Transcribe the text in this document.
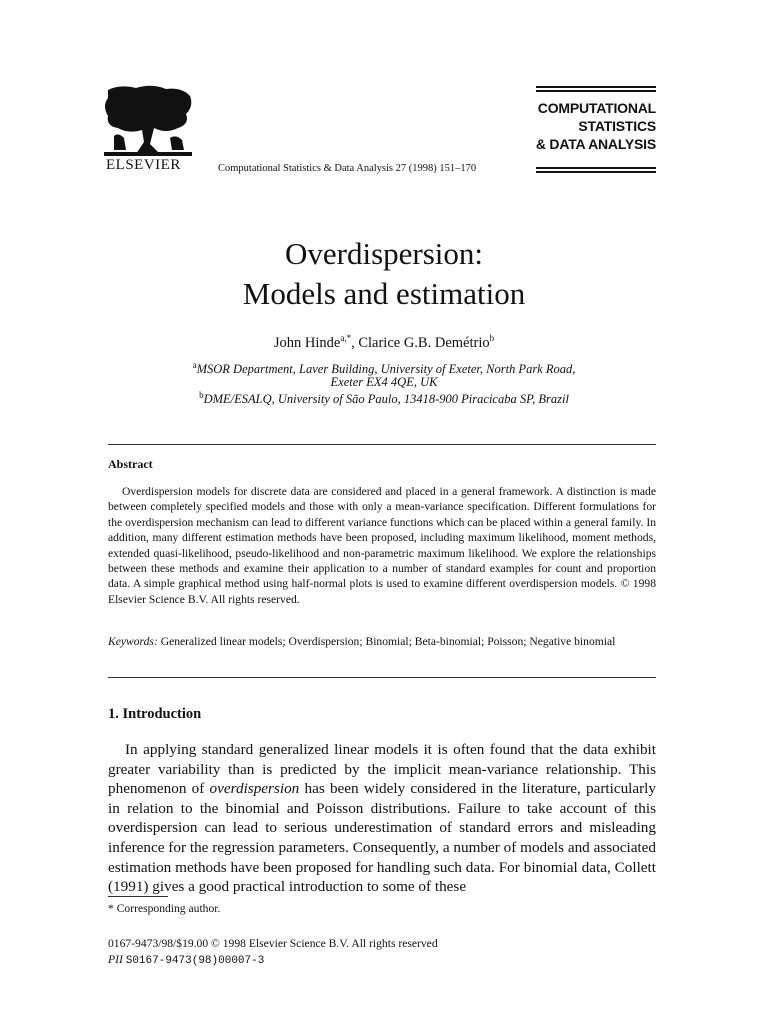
ELSEVIER	Computational Statistics & Data Analysis 27 (1998) 151–170
COMPUTATIONAL
STATISTICS
& DATA ANALYSIS
Overdispersion:
Models and estimation
John Hinde$^{a,*}$, Clarice G.B. Demétrio$^b$
$^a$MSOR Department, Laver Building, University of Exeter, North Park Road,
Exeter EX4 4QE, UK
$^b$DME/ESALQ, University of São Paulo, 13418-900 Piracicaba SP, Brazil
Abstract
Overdispersion models for discrete data are considered and placed in a general framework. A distinction is made between completely specified models and those with only a mean-variance specification. Different formulations for the overdispersion mechanism can lead to different variance functions which can be placed within a general family. In addition, many different estimation methods have been proposed, including maximum likelihood, moment methods, extended quasi-likelihood, pseudo-likelihood and non-parametric maximum likelihood. We explore the relationships between these methods and examine their application to a number of standard examples for count and proportion data. A simple graphical method using half-normal plots is used to examine different overdispersion models. © 1998 Elsevier Science B.V. All rights reserved.
Keywords: Generalized linear models; Overdispersion; Binomial; Beta-binomial; Poisson; Negative binomial
1. Introduction
In applying standard generalized linear models it is often found that the data exhibit greater variability than is predicted by the implicit mean-variance relationship. This phenomenon of overdispersion has been widely considered in the literature, particularly in relation to the binomial and Poisson distributions. Failure to take account of this overdispersion can lead to serious underestimation of standard errors and misleading inference for the regression parameters. Consequently, a number of models and associated estimation methods have been proposed for handling such data. For binomial data, Collett (1991) gives a good practical introduction to some of these
* Corresponding author.
0167-9473/98/$19.00 © 1998 Elsevier Science B.V. All rights reserved
PII S0167-9473(98)00007-3
